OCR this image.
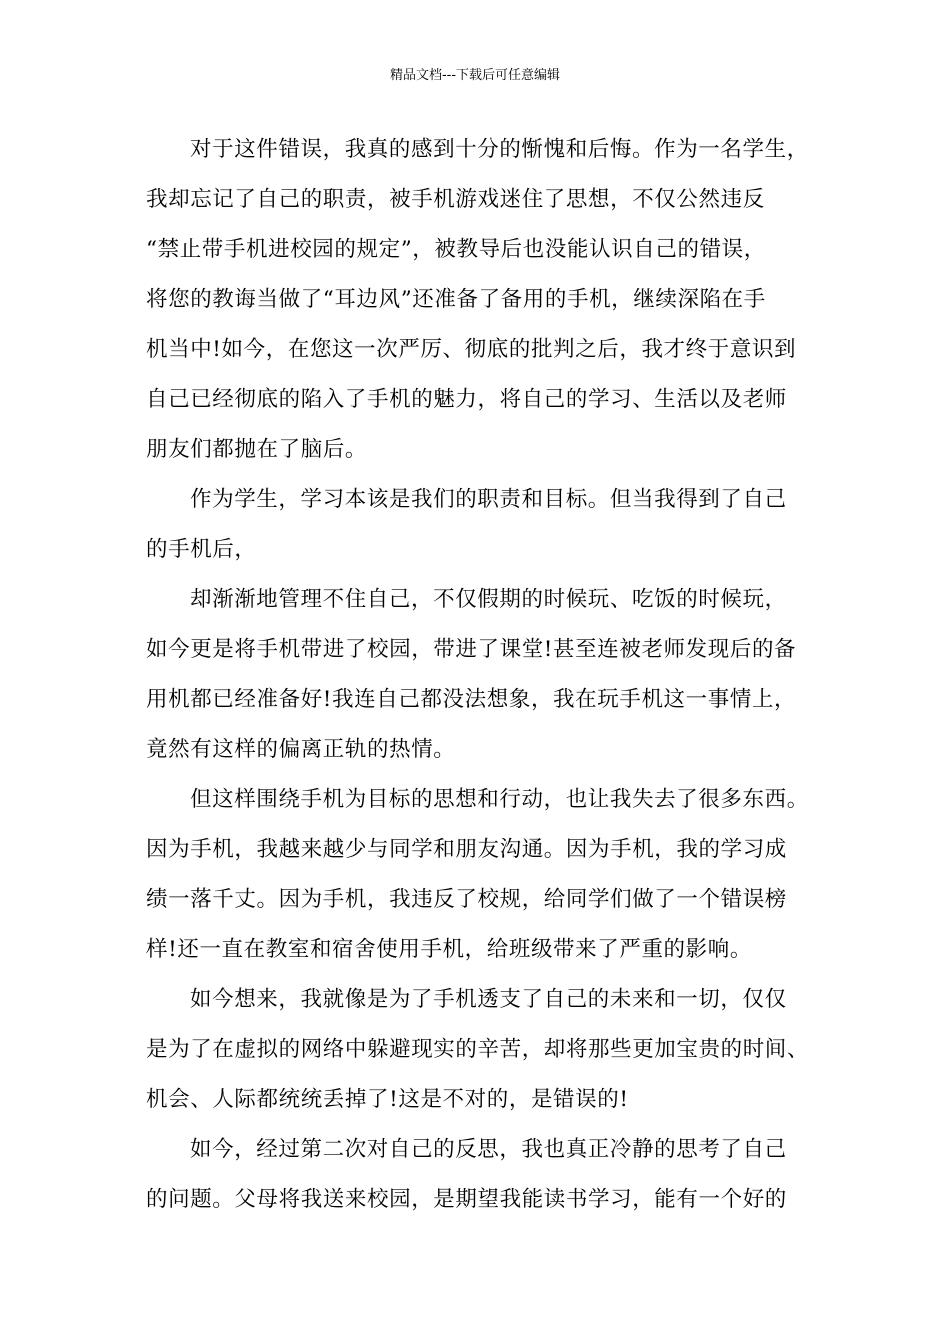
精品文档---下载后可任意编辑
对于这件错误，我真的感到十分的惭愧和后悔。作为一名学生，
我却忘记了自己的职责，被手机游戏迷住了思想，不仅公然违反
“禁止带手机进校园的规定”，被教导后也没能认识自己的错误，
将您的教诲当做了“耳边风”还准备了备用的手机，继续深陷在手
机当中!如今，在您这一次严厉、彻底的批判之后，我才终于意识到
自己已经彻底的陷入了手机的魅力，将自己的学习、生活以及老师
朋友们都抛在了脑后。
作为学生，学习本该是我们的职责和目标。但当我得到了自己
的手机后，
却渐渐地管理不住自己，不仅假期的时候玩、吃饭的时候玩，
如今更是将手机带进了校园，带进了课堂!甚至连被老师发现后的备
用机都已经准备好!我连自己都没法想象，我在玩手机这一事情上，
竟然有这样的偏离正轨的热情。
但这样围绕手机为目标的思想和行动，也让我失去了很多东西。
因为手机，我越来越少与同学和朋友沟通。因为手机，我的学习成
绩一落千丈。因为手机，我违反了校规，给同学们做了一个错误榜
样!还一直在教室和宿舍使用手机，给班级带来了严重的影响。
如今想来，我就像是为了手机透支了自己的未来和一切，仅仅
是为了在虚拟的网络中躲避现实的辛苦，却将那些更加宝贵的时间、
机会、人际都统统丢掉了!这是不对的，是错误的!
如今，经过第二次对自己的反思，我也真正冷静的思考了自己
的问题。父母将我送来校园，是期望我能读书学习，能有一个好的
